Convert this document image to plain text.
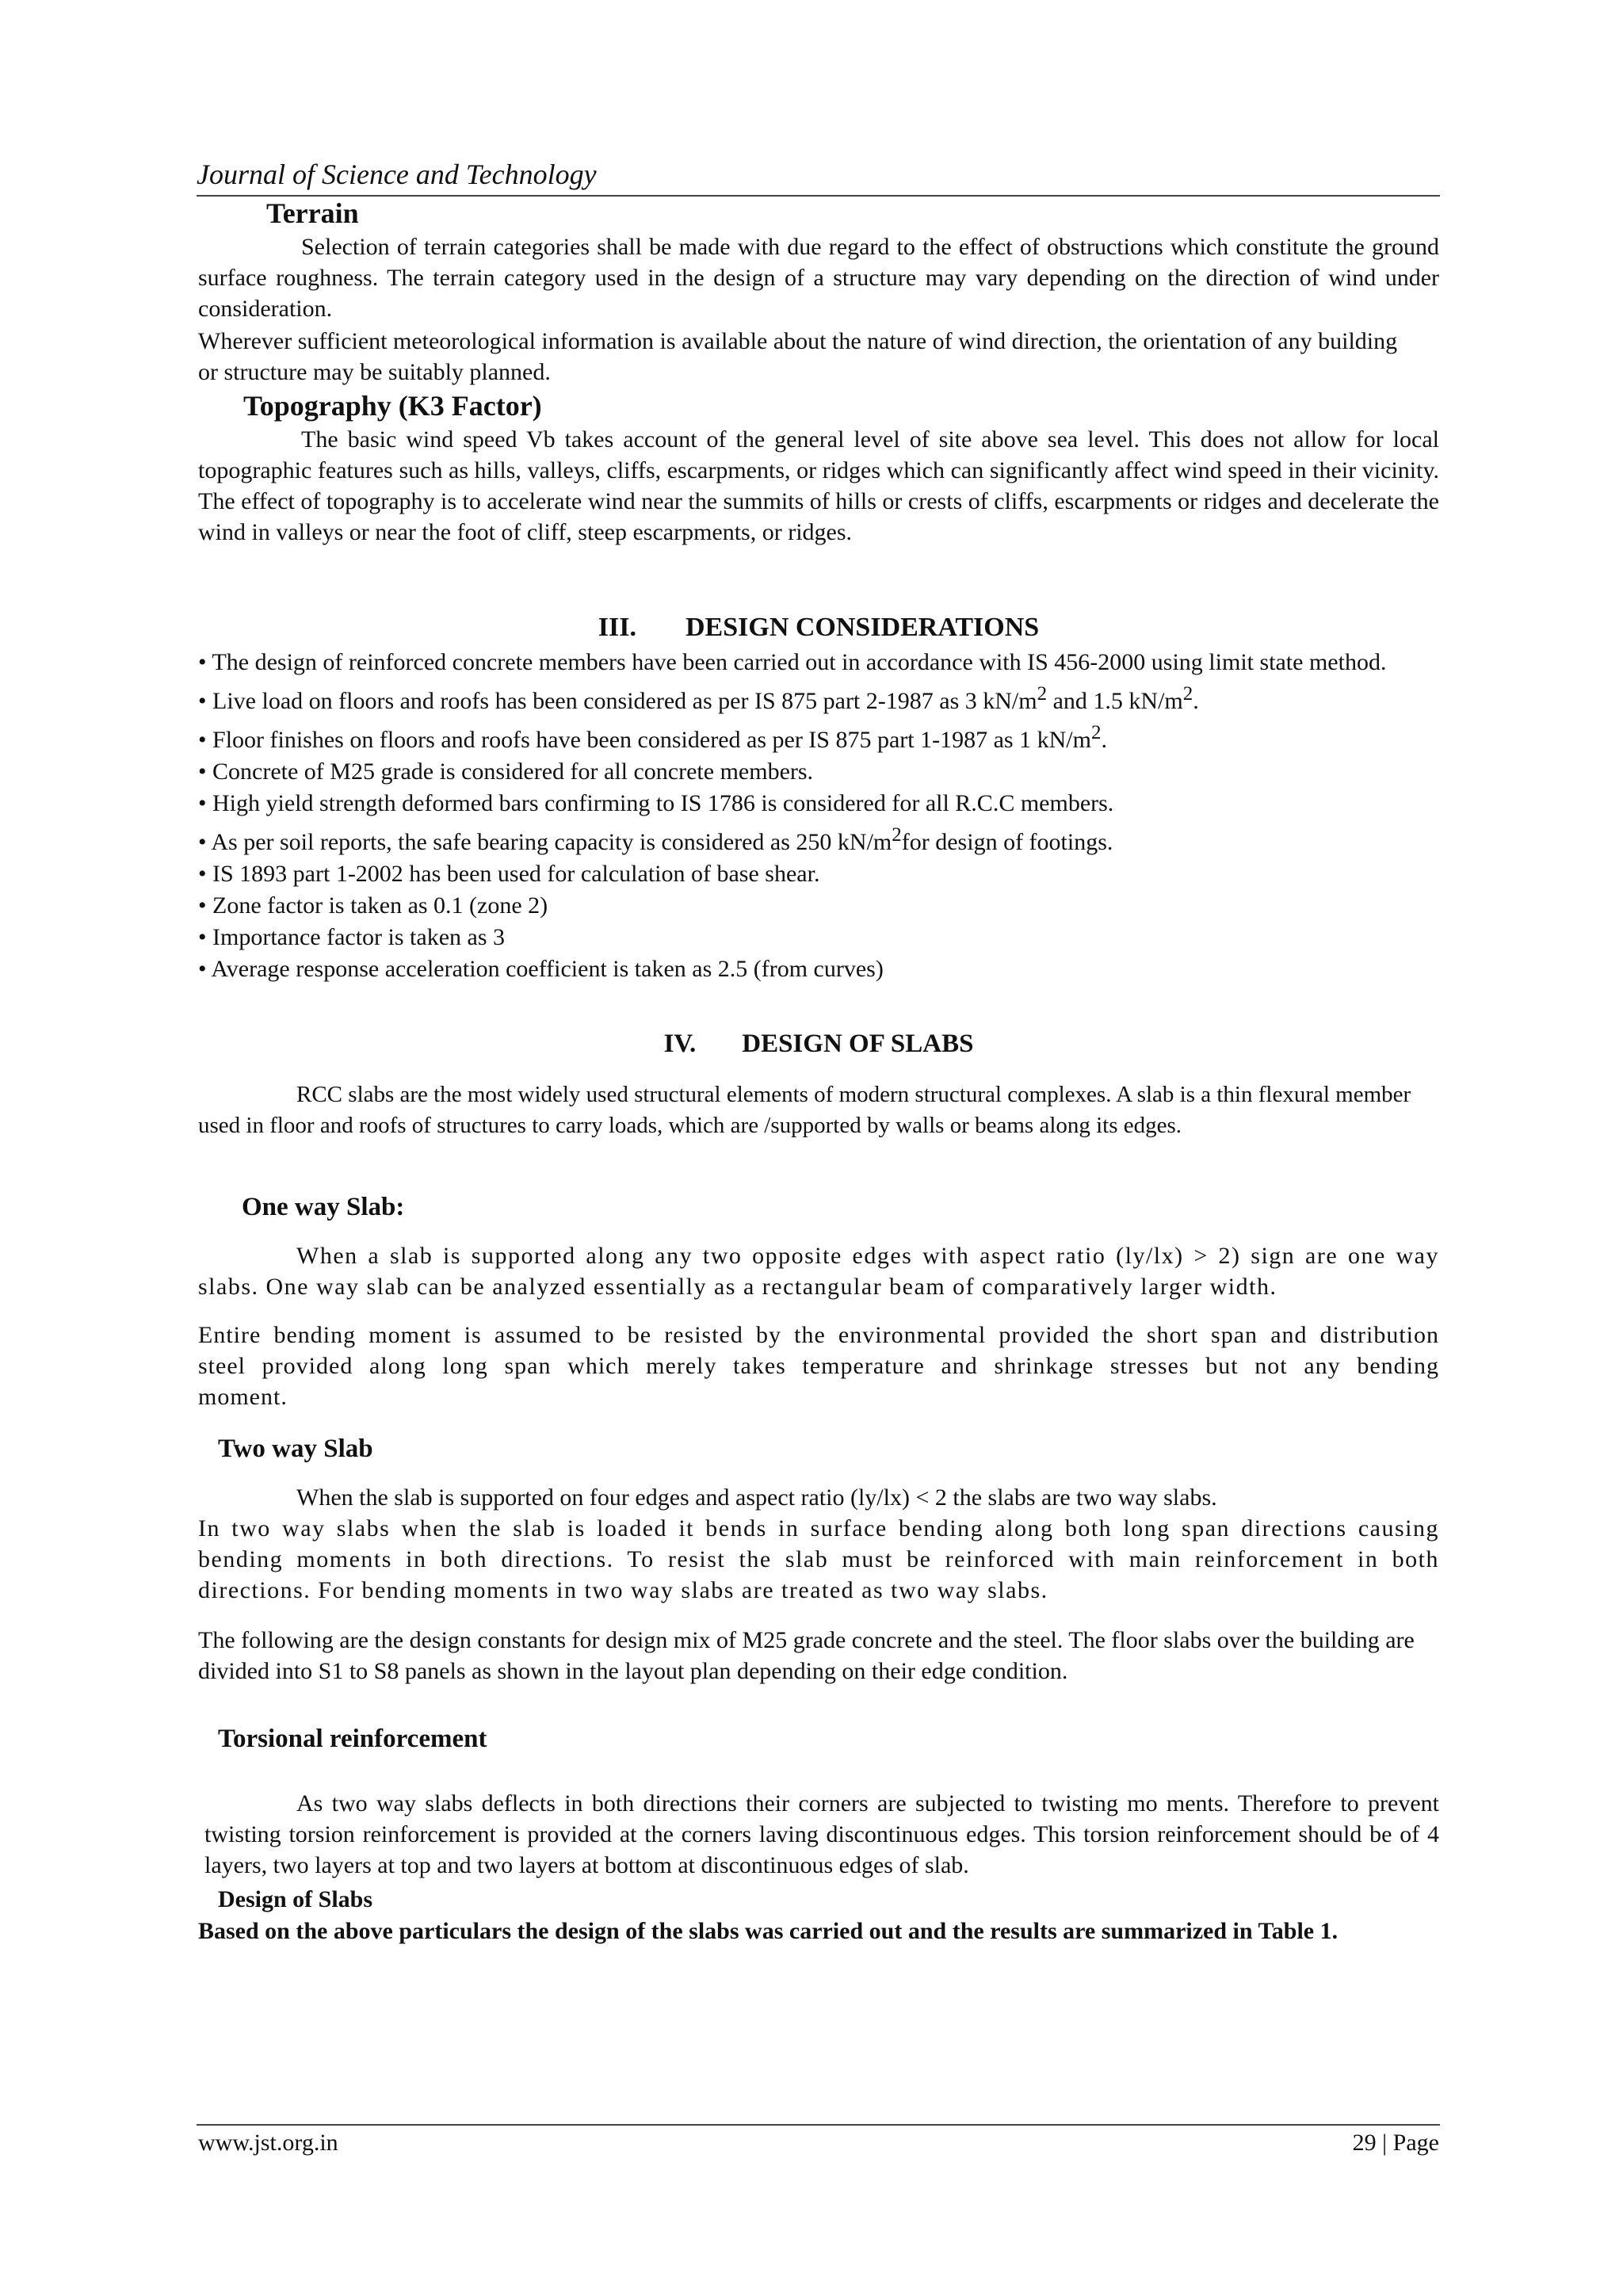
Journal of Science and Technology
Terrain
Selection of terrain categories shall be made with due regard to the effect of obstructions which constitute the ground surface roughness. The terrain category used in the design of a structure may vary depending on the direction of wind under consideration.
Wherever sufficient meteorological information is available about the nature of wind direction, the orientation of any building or structure may be suitably planned.
Topography (K3 Factor)
The basic wind speed Vb takes account of the general level of site above sea level. This does not allow for local topographic features such as hills, valleys, cliffs, escarpments, or ridges which can significantly affect wind speed in their vicinity. The effect of topography is to accelerate wind near the summits of hills or crests of cliffs, escarpments or ridges and decelerate the wind in valleys or near the foot of cliff, steep escarpments, or ridges.
III. DESIGN CONSIDERATIONS
• The design of reinforced concrete members have been carried out in accordance with IS 456-2000 using limit state method.
• Live load on floors and roofs has been considered as per IS 875 part 2-1987 as 3 $kN/m^2$ and 1.5 $kN/m^2$.
• Floor finishes on floors and roofs have been considered as per IS 875 part 1-1987 as 1 $kN/m^2$.
• Concrete of M25 grade is considered for all concrete members.
• High yield strength deformed bars confirming to IS 1786 is considered for all R.C.C members.
• As per soil reports, the safe bearing capacity is considered as 250 $kN/m^2for$ design of footings.
• IS 1893 part 1-2002 has been used for calculation of base shear.
• Zone factor is taken as 0.1 (zone 2)
• Importance factor is taken as 3
• Average response acceleration coefficient is taken as 2.5 (from curves)
IV. DESIGN OF SLABS
RCC slabs are the most widely used structural elements of modern structural complexes. A slab is a thin flexural member used in floor and roofs of structures to carry loads, which are /supported by walls or beams along its edges.
One way Slab:
When a slab is supported along any two opposite edges with aspect ratio (ly/lx) > 2) sign are one way slabs. One way slab can be analyzed essentially as a rectangular beam of comparatively larger width.
Entire bending moment is assumed to be resisted by the environmental provided the short span and distribution steel provided along long span which merely takes temperature and shrinkage stresses but not any bending moment.
Two way Slab
When the slab is supported on four edges and aspect ratio (ly/lx) < 2 the slabs are two way slabs.
In two way slabs when the slab is loaded it bends in surface bending along both long span directions causing bending moments in both directions. To resist the slab must be reinforced with main reinforcement in both directions. For bending moments in two way slabs are treated as two way slabs.
The following are the design constants for design mix of M25 grade concrete and the steel. The floor slabs over the building are divided into S1 to S8 panels as shown in the layout plan depending on their edge condition.
Torsional reinforcement
As two way slabs deflects in both directions their corners are subjected to twisting mo ments. Therefore to prevent twisting torsion reinforcement is provided at the corners laving discontinuous edges. This torsion reinforcement should be of 4 layers, two layers at top and two layers at bottom at discontinuous edges of slab.
Design of Slabs
Based on the above particulars the design of the slabs was carried out and the results are summarized in Table 1.
www.jst.org.in	29 | Page
